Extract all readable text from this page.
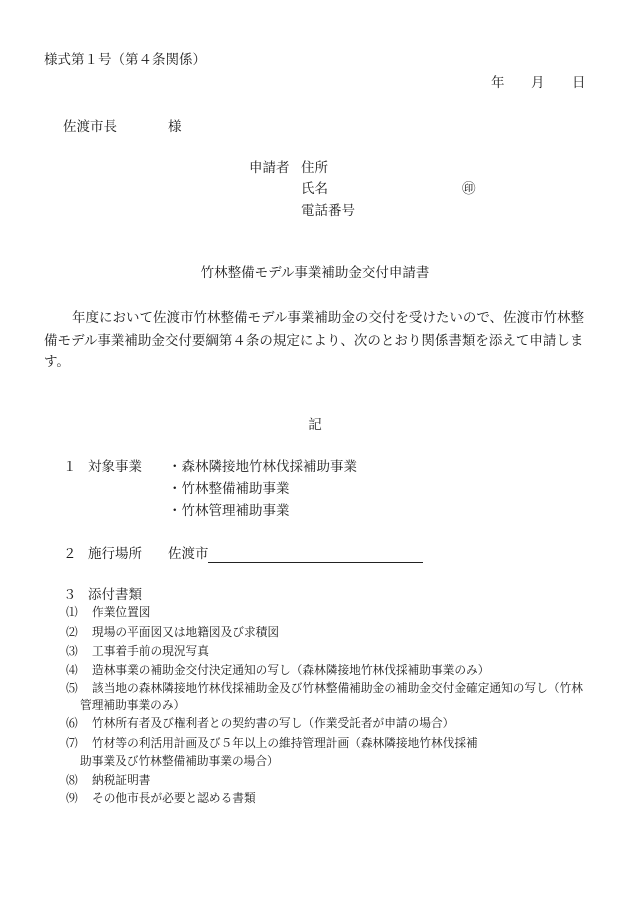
様式第１号（第４条関係）
年 月 日
佐渡市長	様
申請者 住所
氏名	㊞
電話番号
竹林整備モデル事業補助金交付申請書
年度において佐渡市竹林整備モデル事業補助金の交付を受けたいので、佐渡市竹林整
備モデル事業補助金交付要綱第４条の規定により、次のとおり関係書類を添えて申請しま
す。
記
１ 対象事業 ・森林隣接地竹林伐採補助事業
・竹林整備補助事業
・竹林管理補助事業
２ 施行場所 佐渡市
３ 添付書類
⑴ 作業位置図
⑵ 現場の平面図又は地籍図及び求積図
⑶ 工事着手前の現況写真
⑷ 造林事業の補助金交付決定通知の写し（森林隣接地竹林伐採補助事業のみ）
⑸ 該当地の森林隣接地竹林伐採補助金及び竹林整備補助金の補助金交付金確定通知の写し（竹林
管理補助事業のみ）
⑹ 竹林所有者及び権利者との契約書の写し（作業受託者が申請の場合）
⑺ 竹材等の利活用計画及び５年以上の維持管理計画（森林隣接地竹林伐採補
助事業及び竹林整備補助事業の場合）
⑻ 納税証明書
⑼ その他市長が必要と認める書類
